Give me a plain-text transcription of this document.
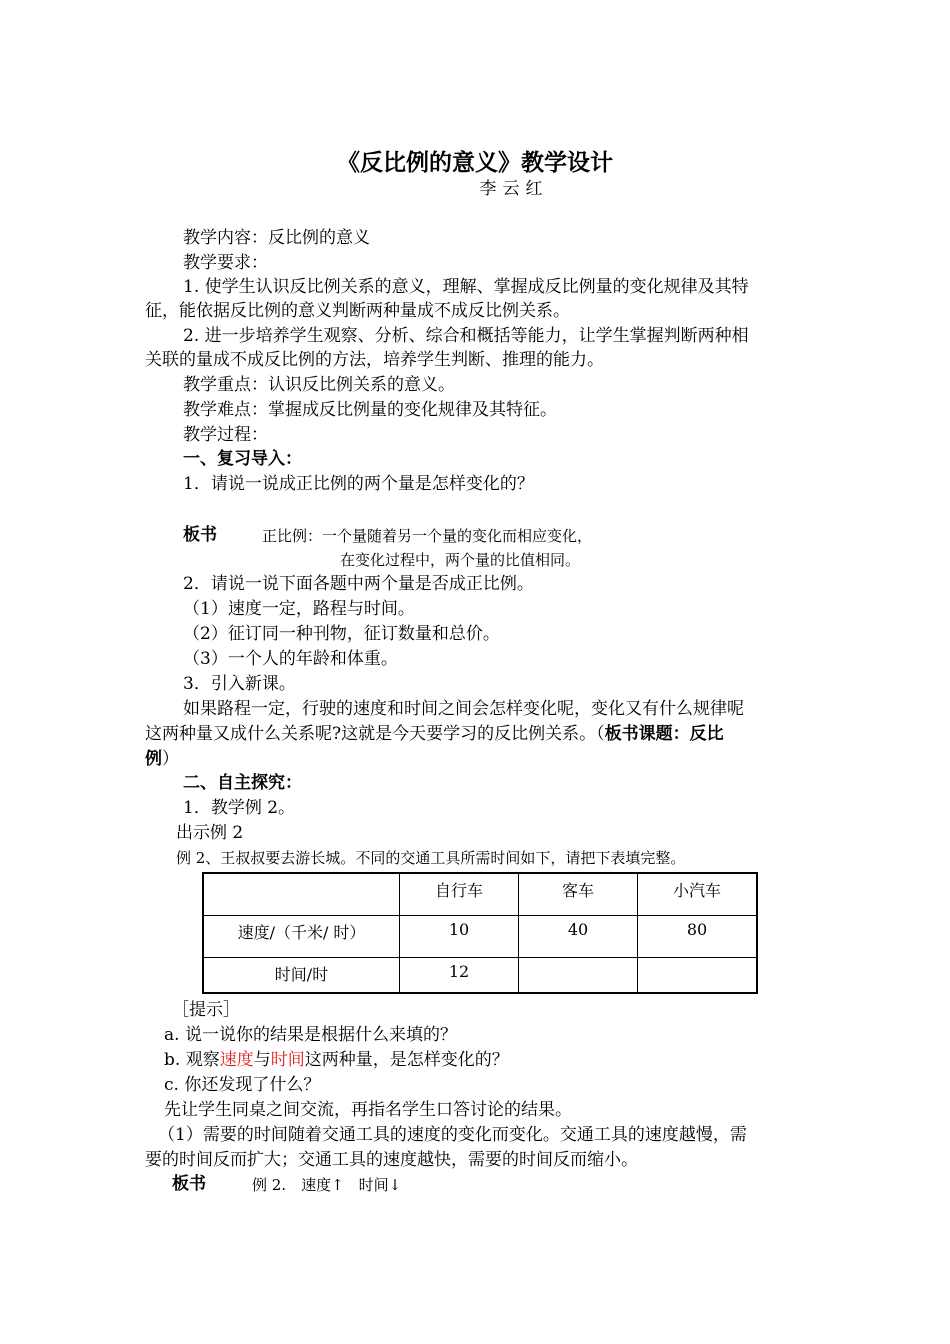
《反比例的意义》教学设计
李云红
教学内容：反比例的意义
教学要求：
1. 使学生认识反比例关系的意义，理解、掌握成反比例量的变化规律及其特
征，能依据反比例的意义判断两种量成不成反比例关系。
2. 进一步培养学生观察、分析、综合和概括等能力，让学生掌握判断两种相
关联的量成不成反比例的方法，培养学生判断、推理的能力。
教学重点：认识反比例关系的意义。
教学难点：掌握成反比例量的变化规律及其特征。
教学过程：
一、复习导入：
1．请说一说成正比例的两个量是怎样变化的？
板书	正比例：一个量随着另一个量的变化而相应变化，
在变化过程中，两个量的比值相同。
2．请说一说下面各题中两个量是否成正比例。
（1）速度一定，路程与时间。
（2）征订同一种刊物，征订数量和总价。
（3）一个人的年龄和体重。
3．引入新课。
如果路程一定，行驶的速度和时间之间会怎样变化呢，变化又有什么规律呢
这两种量又成什么关系呢?这就是今天要学习的反比例关系。（板书课题：反比
例）
二、自主探究：
1．教学例 2。
出示例 2
例 2、王叔叔要去游长城。不同的交通工具所需时间如下，请把下表填完整。
	自行车	客车	小汽车
速度/（千米/ 时）	10	40	80
时间/时	12		
［提示］
a. 说一说你的结果是根据什么来填的？
b. 观察速度与时间这两种量，是怎样变化的？
c. 你还发现了什么？
先让学生同桌之间交流，再指名学生口答讨论的结果。
（1）需要的时间随着交通工具的速度的变化而变化。交通工具的速度越慢，需
要的时间反而扩大；交通工具的速度越快，需要的时间反而缩小。
板书	例 2.　速度↑　时间↓
